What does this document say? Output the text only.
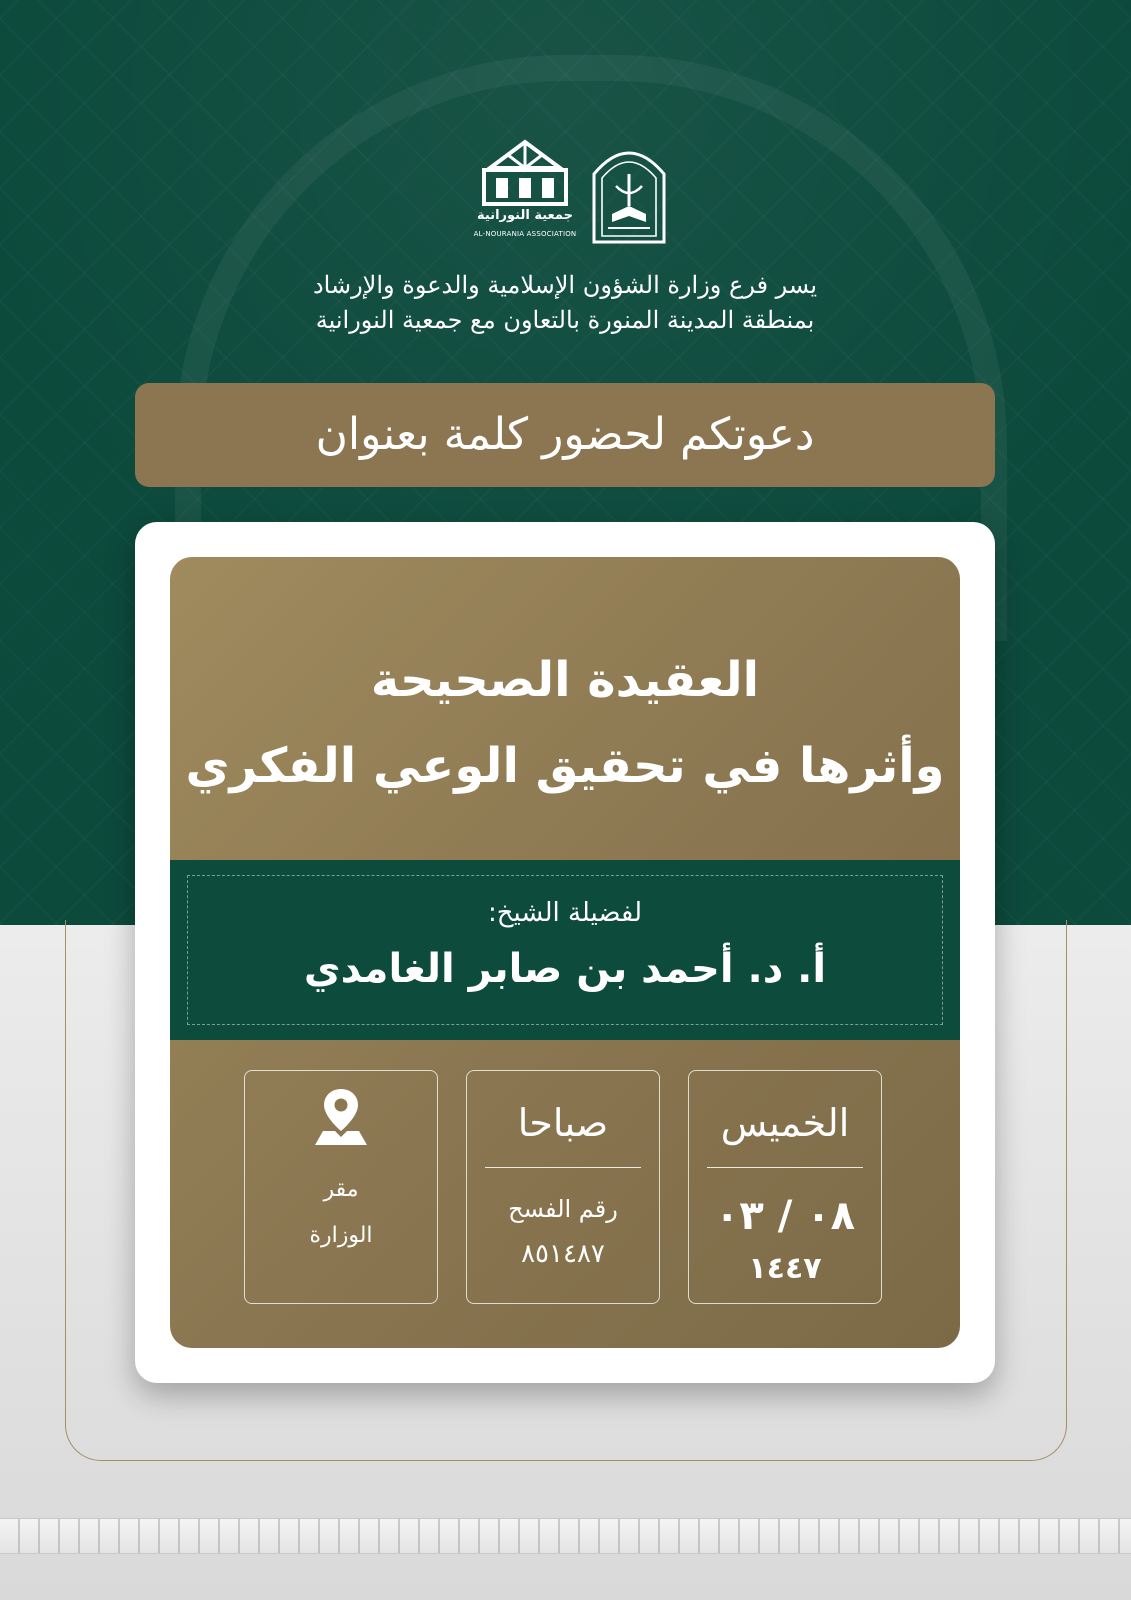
جمعية النورانية
AL-NOURANIA ASSOCIATION
يسر فرع وزارة الشؤون الإسلامية والدعوة والإرشاد
بمنطقة المدينة المنورة بالتعاون مع جمعية النورانية
دعوتكم لحضور كلمة بعنوان
العقيدة الصحيحة
وأثرها في تحقيق الوعي الفكري
لفضيلة الشيخ:
أ. د. أحمد بن صابر الغامدي
الخميس
٠٨ / ٠٣
١٤٤٧
صباحا
رقم الفسح
٨٥١٤٨٧
مقر
الوزارة
